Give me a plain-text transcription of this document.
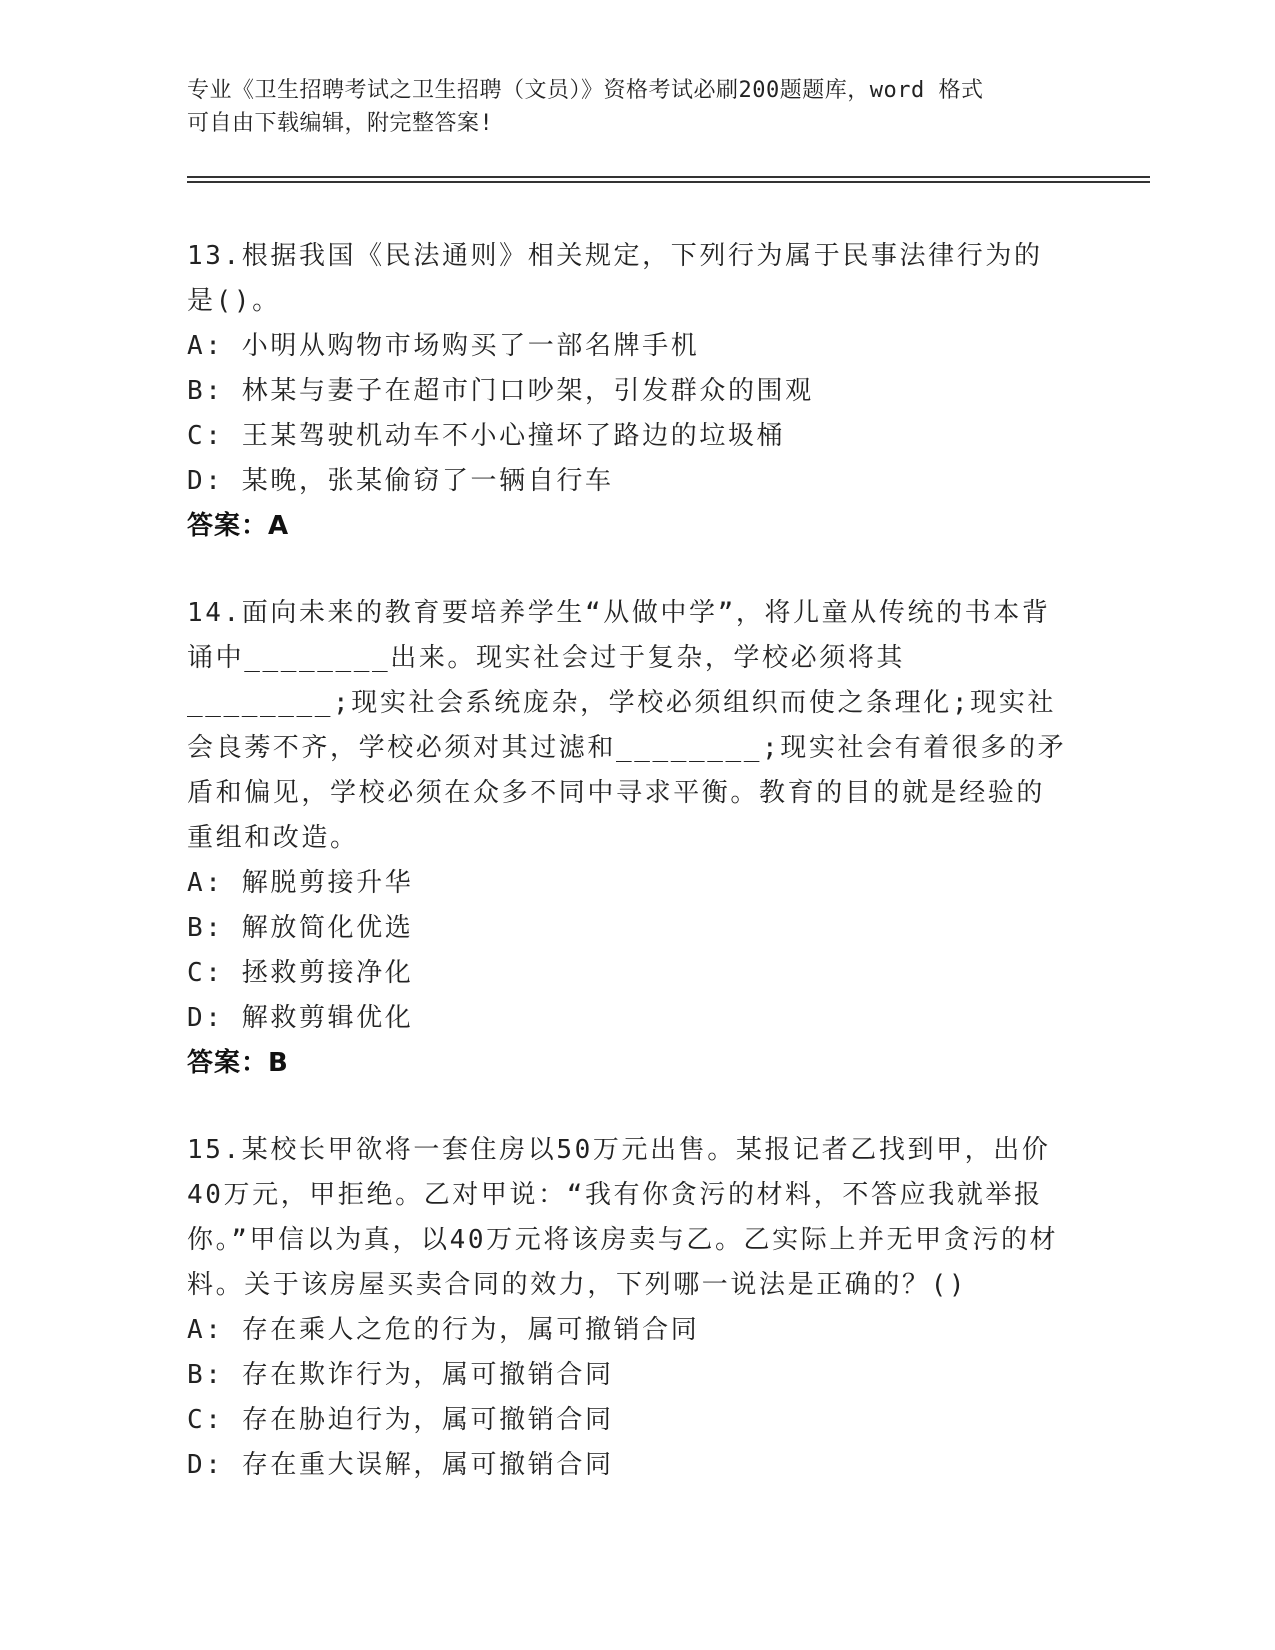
专业《卫生招聘考试之卫生招聘（文员）》资格考试必刷200题题库，word 格式
可自由下载编辑，附完整答案!

13.根据我国《民法通则》相关规定，下列行为属于民事法律行为的是()。

A: 小明从购物市场购买了一部名牌手机

B: 林某与妻子在超市门口吵架，引发群众的围观

C: 王某驾驶机动车不小心撞坏了路边的垃圾桶

D: 某晚，张某偷窃了一辆自行车

答案：A

14.面向未来的教育要培养学生“从做中学”，将儿童从传统的书本背诵中________出来。现实社会过于复杂，学校必须将其________;现实社会系统庞杂，学校必须组织而使之条理化;现实社会良莠不齐，学校必须对其过滤和________;现实社会有着很多的矛盾和偏见，学校必须在众多不同中寻求平衡。教育的目的就是经验的重组和改造。

A: 解脱剪接升华

B: 解放简化优选

C: 拯救剪接净化

D: 解救剪辑优化

答案：B

15.某校长甲欲将一套住房以50万元出售。某报记者乙找到甲，出价40万元，甲拒绝。乙对甲说：“我有你贪污的材料，不答应我就举报你。”甲信以为真，以40万元将该房卖与乙。乙实际上并无甲贪污的材料。关于该房屋买卖合同的效力，下列哪一说法是正确的？()

A: 存在乘人之危的行为，属可撤销合同

B: 存在欺诈行为，属可撤销合同

C: 存在胁迫行为，属可撤销合同

D: 存在重大误解，属可撤销合同
